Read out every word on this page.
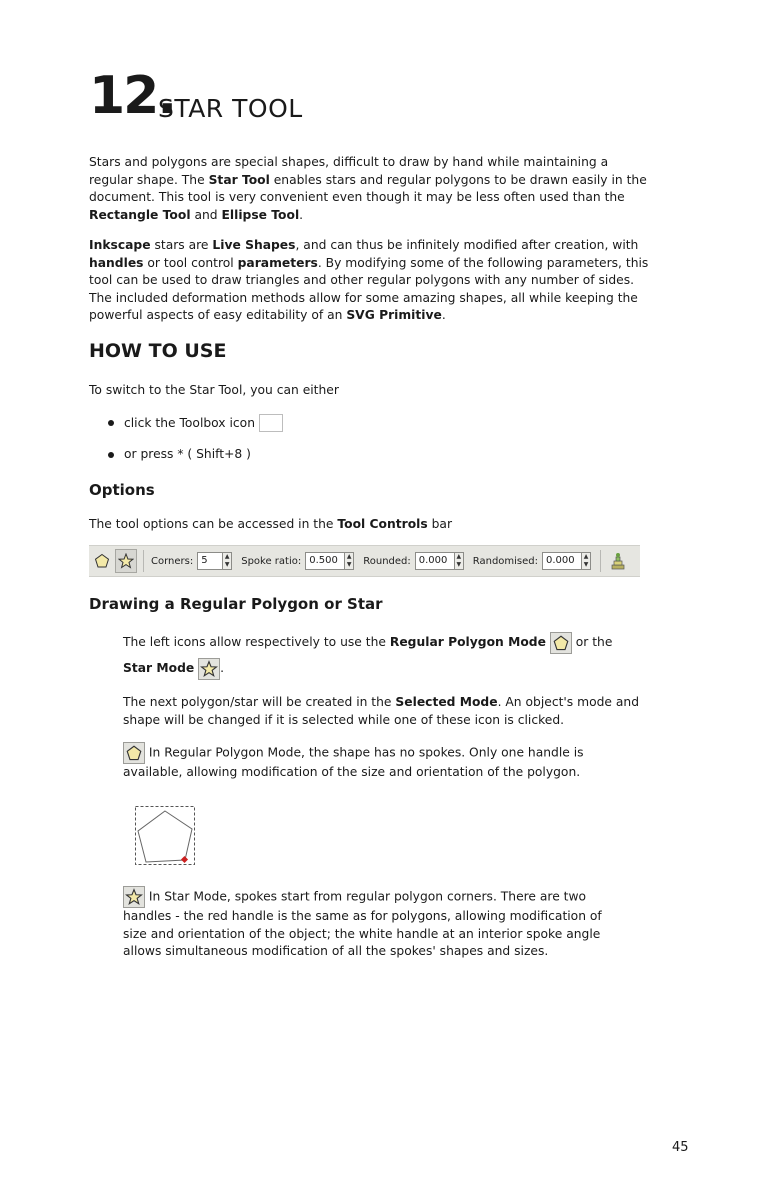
12.
STAR TOOL

Stars and polygons are special shapes, difficult to draw by hand while maintaining a regular shape. The Star Tool enables stars and regular polygons to be drawn easily in the document. This tool is very convenient even though it may be less often used than the Rectangle Tool and Ellipse Tool.

Inkscape stars are Live Shapes, and can thus be infinitely modified after creation, with handles or tool control parameters. By modifying some of the following parameters, this tool can be used to draw triangles and other regular polygons with any number of sides. The included deformation methods allow for some amazing shapes, all while keeping the powerful aspects of easy editability of an SVG Primitive.

HOW TO USE

To switch to the Star Tool, you can either

click the Toolbox icon
or press * ( Shift+8 )
Options

The tool options can be accessed in the Tool Controls bar

Corners: 5	▲
▼ Spoke ratio: 0.500	▲
▼ Rounded: 0.000	▲
▼ Randomised: 0.000	▲
▼
Drawing a Regular Polygon or Star
The left icons allow respectively to use the Regular Polygon Mode  or the
Star Mode .

The next polygon/star will be created in the Selected Mode. An object's mode and shape will be changed if it is selected while one of these icon is clicked.

In Regular Polygon Mode, the shape has no spokes. Only one handle is available, allowing modification of the size and orientation of the polygon.
In Star Mode, spokes start from regular polygon corners. There are two handles - the red handle is the same as for polygons, allowing modification of size and orientation of the object; the white handle at an interior spoke angle allows simultaneous modification of all the spokes' shapes and sizes.
45
